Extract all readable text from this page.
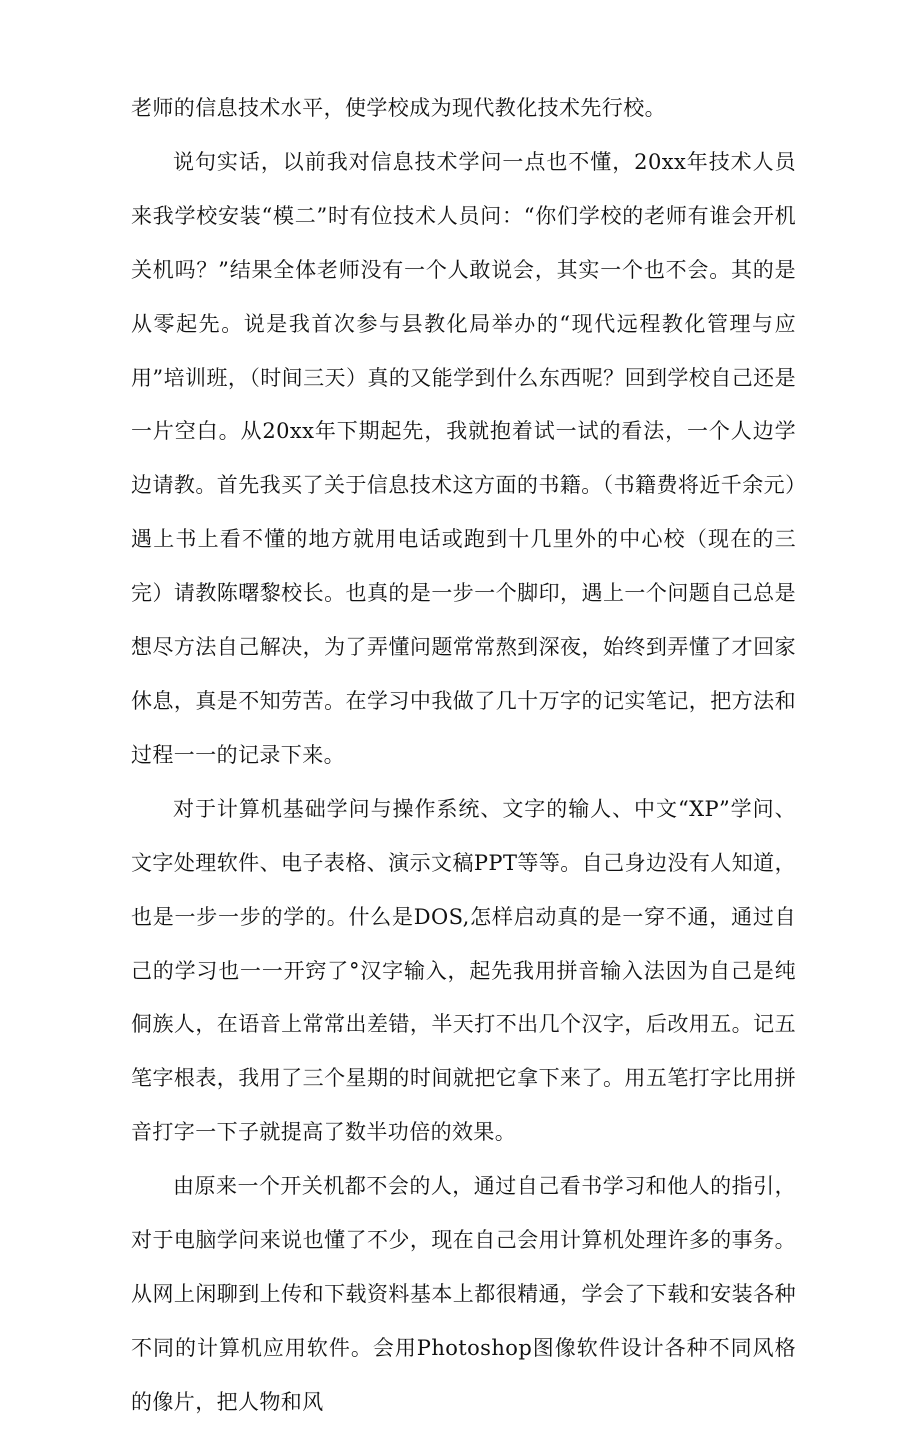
老师的信息技术水平，使学校成为现代教化技术先行校。

说句实话，以前我对信息技术学问一点也不懂，20xx年技术人员来我学校安装“模二”时有位技术人员问：“你们学校的老师有谁会开机关机吗？”结果全体老师没有一个人敢说会，其实一个也不会。其的是从零起先。说是我首次参与县教化局举办的“现代远程教化管理与应用”培训班，（时间三天）真的又能学到什么东西呢？回到学校自己还是一片空白。从20xx年下期起先，我就抱着试一试的看法，一个人边学边请教。首先我买了关于信息技术这方面的书籍。（书籍费将近千余元）遇上书上看不懂的地方就用电话或跑到十几里外的中心校（现在的三完）请教陈曙黎校长。也真的是一步一个脚印，遇上一个问题自己总是想尽方法自己解决，为了弄懂问题常常熬到深夜，始终到弄懂了才回家休息，真是不知劳苦。在学习中我做了几十万字的记实笔记，把方法和过程一一的记录下来。

对于计算机基础学问与操作系统、文字的输人、中文“XP”学问、文字处理软件、电子表格、演示文稿PPT等等。自己身边没有人知道，也是一步一步的学的。什么是DOS,怎样启动真的是一穿不通，通过自己的学习也一一开窍了°汉字输入，起先我用拼音输入法因为自己是纯侗族人，在语音上常常出差错，半天打不出几个汉字，后改用五。记五笔字根表，我用了三个星期的时间就把它拿下来了。用五笔打字比用拼音打字一下子就提高了数半功倍的效果。

由原来一个开关机都不会的人，通过自己看书学习和他人的指引，对于电脑学问来说也懂了不少，现在自己会用计算机处理许多的事务。从网上闲聊到上传和下载资料基本上都很精通，学会了下载和安装各种不同的计算机应用软件。会用Photoshop图像软件设计各种不同风格的像片，把人物和风
